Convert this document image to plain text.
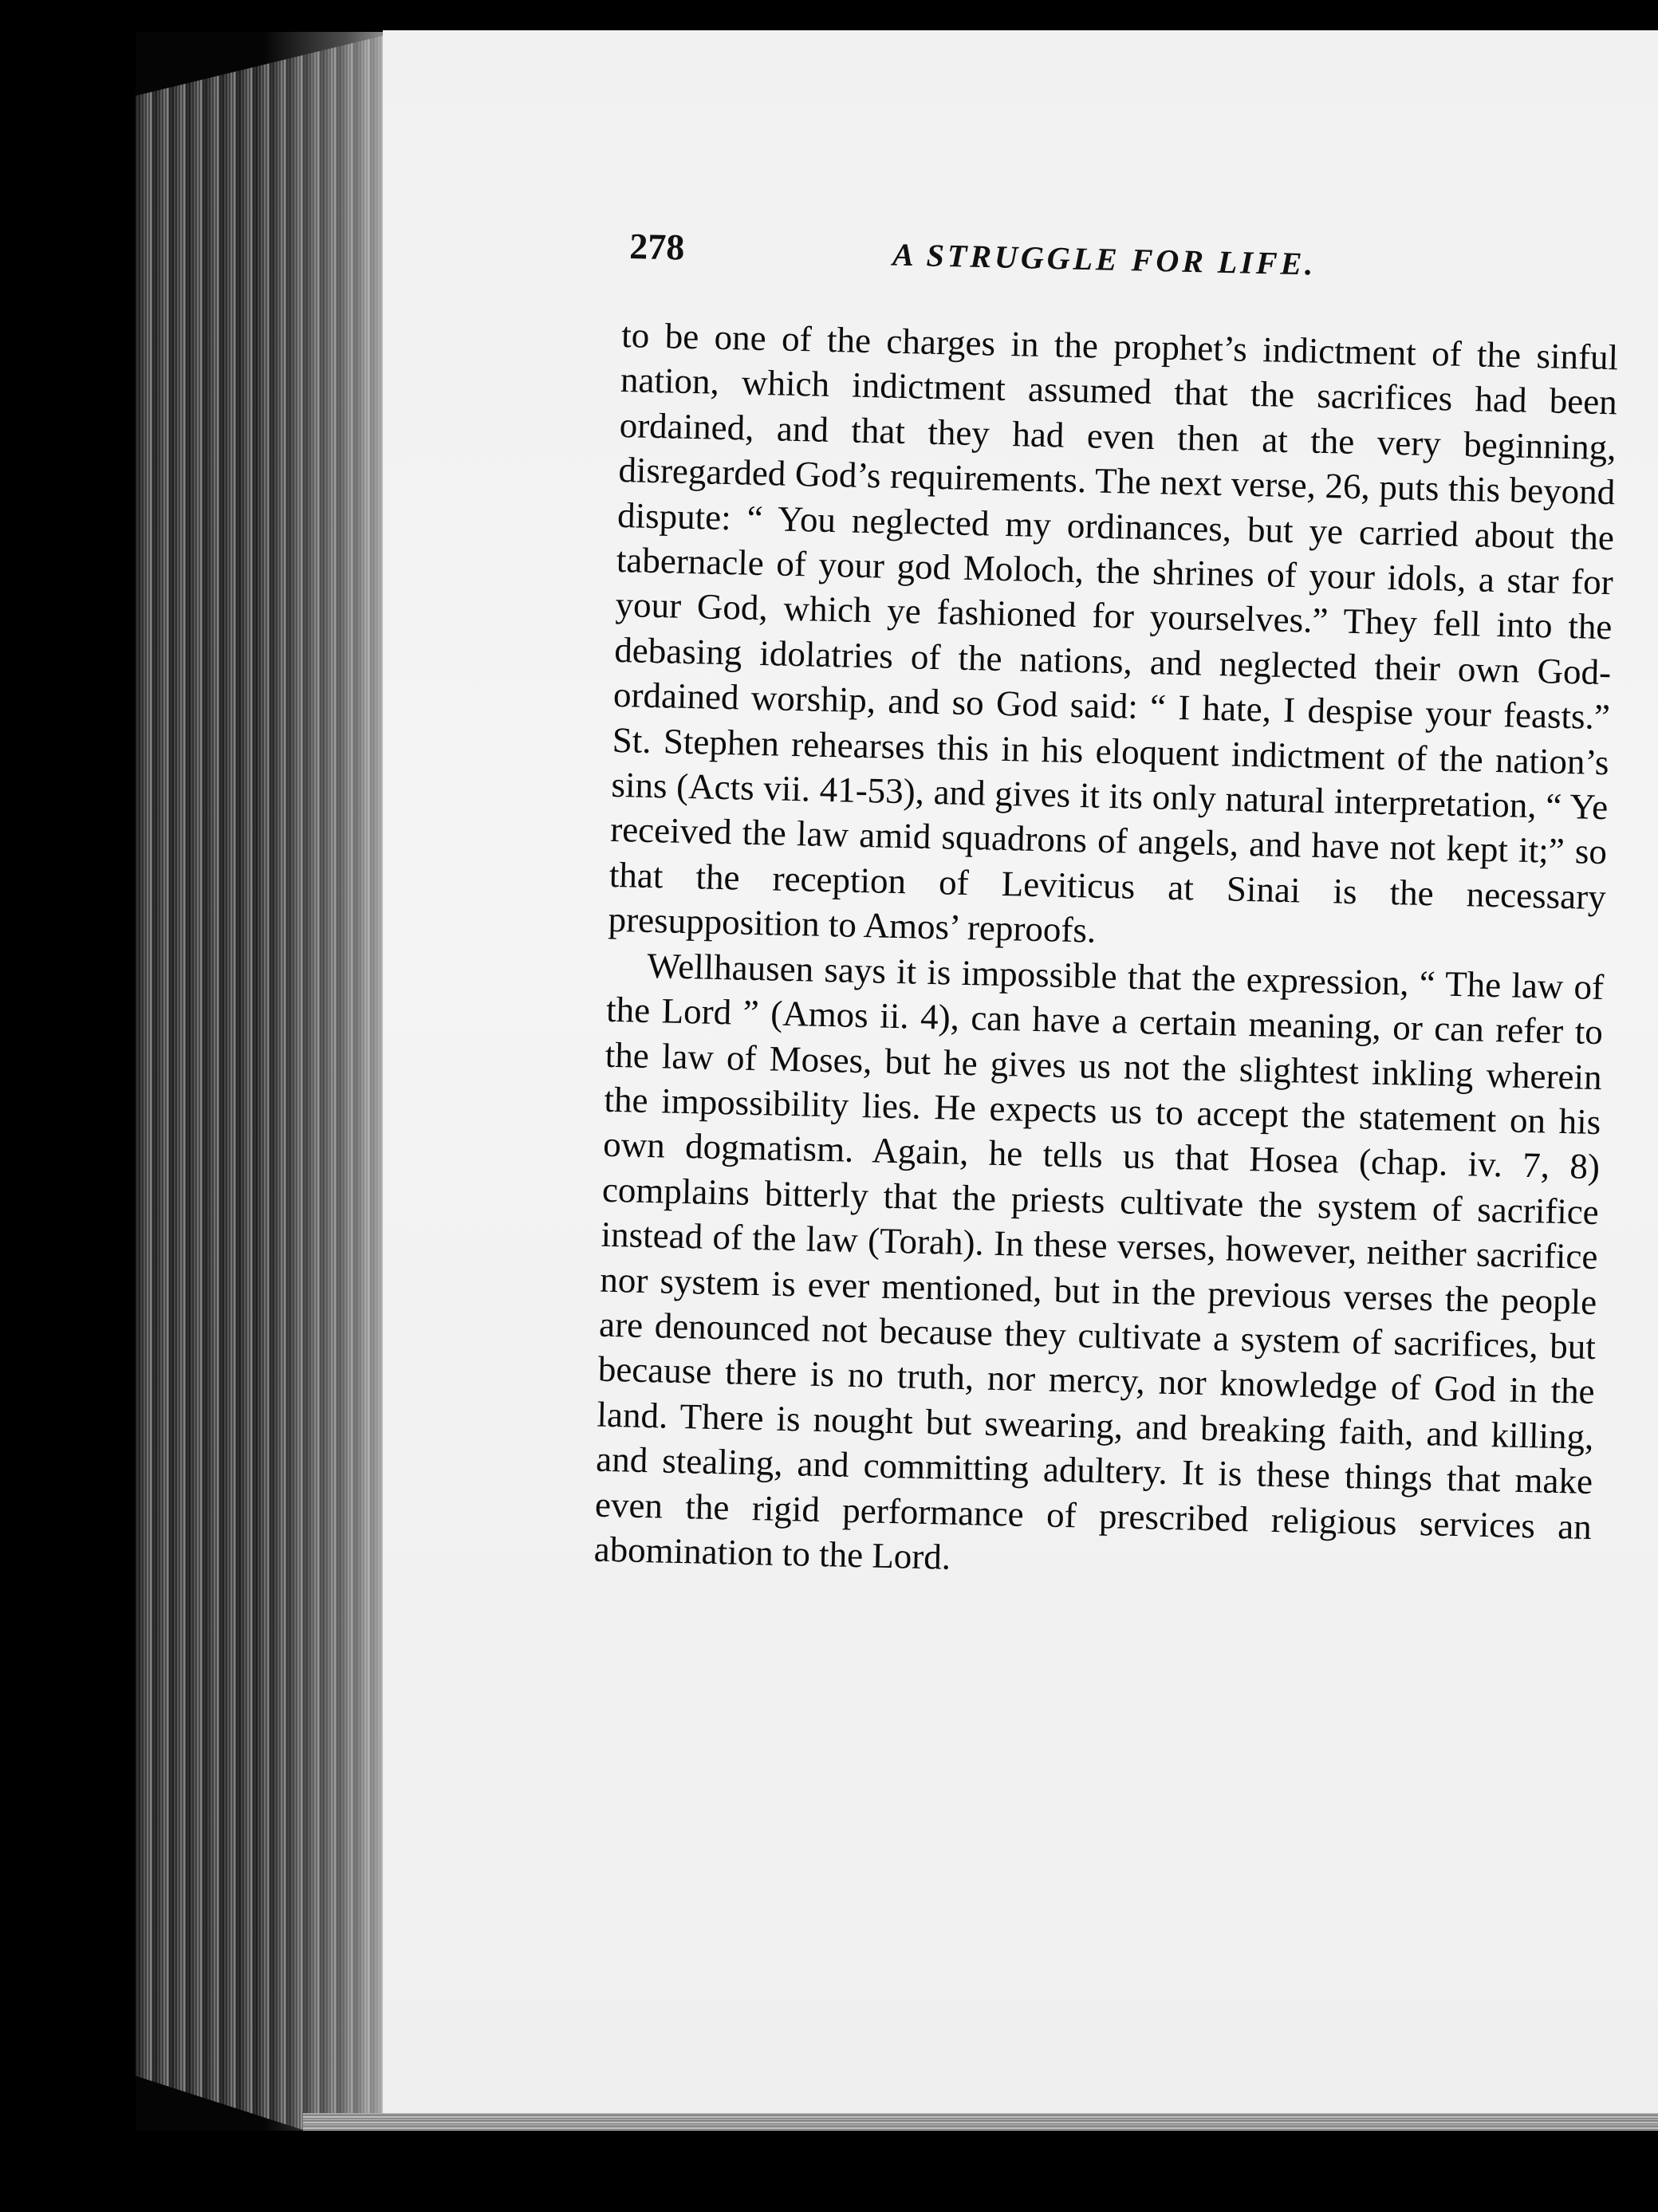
278	A STRUGGLE FOR LIFE.

to be one of the charges in the prophet’s indictment of the sinful nation, which indictment assumed that the sacrifices had been ordained, and that they had even then at the very beginning, disregarded God’s requirements. The next verse, 26, puts this beyond dispute: “ You neglected my ordinances, but ye carried about the tabernacle of your god Moloch, the shrines of your idols, a star for your God, which ye fashioned for yourselves.” They fell into the debasing idolatries of the nations, and neglected their own God-ordained worship, and so God said: “ I hate, I despise your feasts.” St. Stephen rehearses this in his eloquent indictment of the nation’s sins (Acts vii. 41-53), and gives it its only natural interpretation, “ Ye received the law amid squadrons of angels, and have not kept it;” so that the reception of Leviticus at Sinai is the necessary presupposition to Amos’ reproofs.

Wellhausen says it is impossible that the expression, “ The law of the Lord ” (Amos ii. 4), can have a certain meaning, or can refer to the law of Moses, but he gives us not the slightest inkling wherein the impossibility lies. He expects us to accept the statement on his own dogmatism. Again, he tells us that Hosea (chap. iv. 7, 8) complains bitterly that the priests cultivate the system of sacrifice instead of the law (Torah). In these verses, however, neither sacrifice nor system is ever mentioned, but in the previous verses the people are denounced not because they cultivate a system of sacrifices, but because there is no truth, nor mercy, nor knowledge of God in the land. There is nought but swearing, and breaking faith, and killing, and stealing, and committing adultery. It is these things that make even the rigid performance of prescribed religious services an abomination to the Lord.
